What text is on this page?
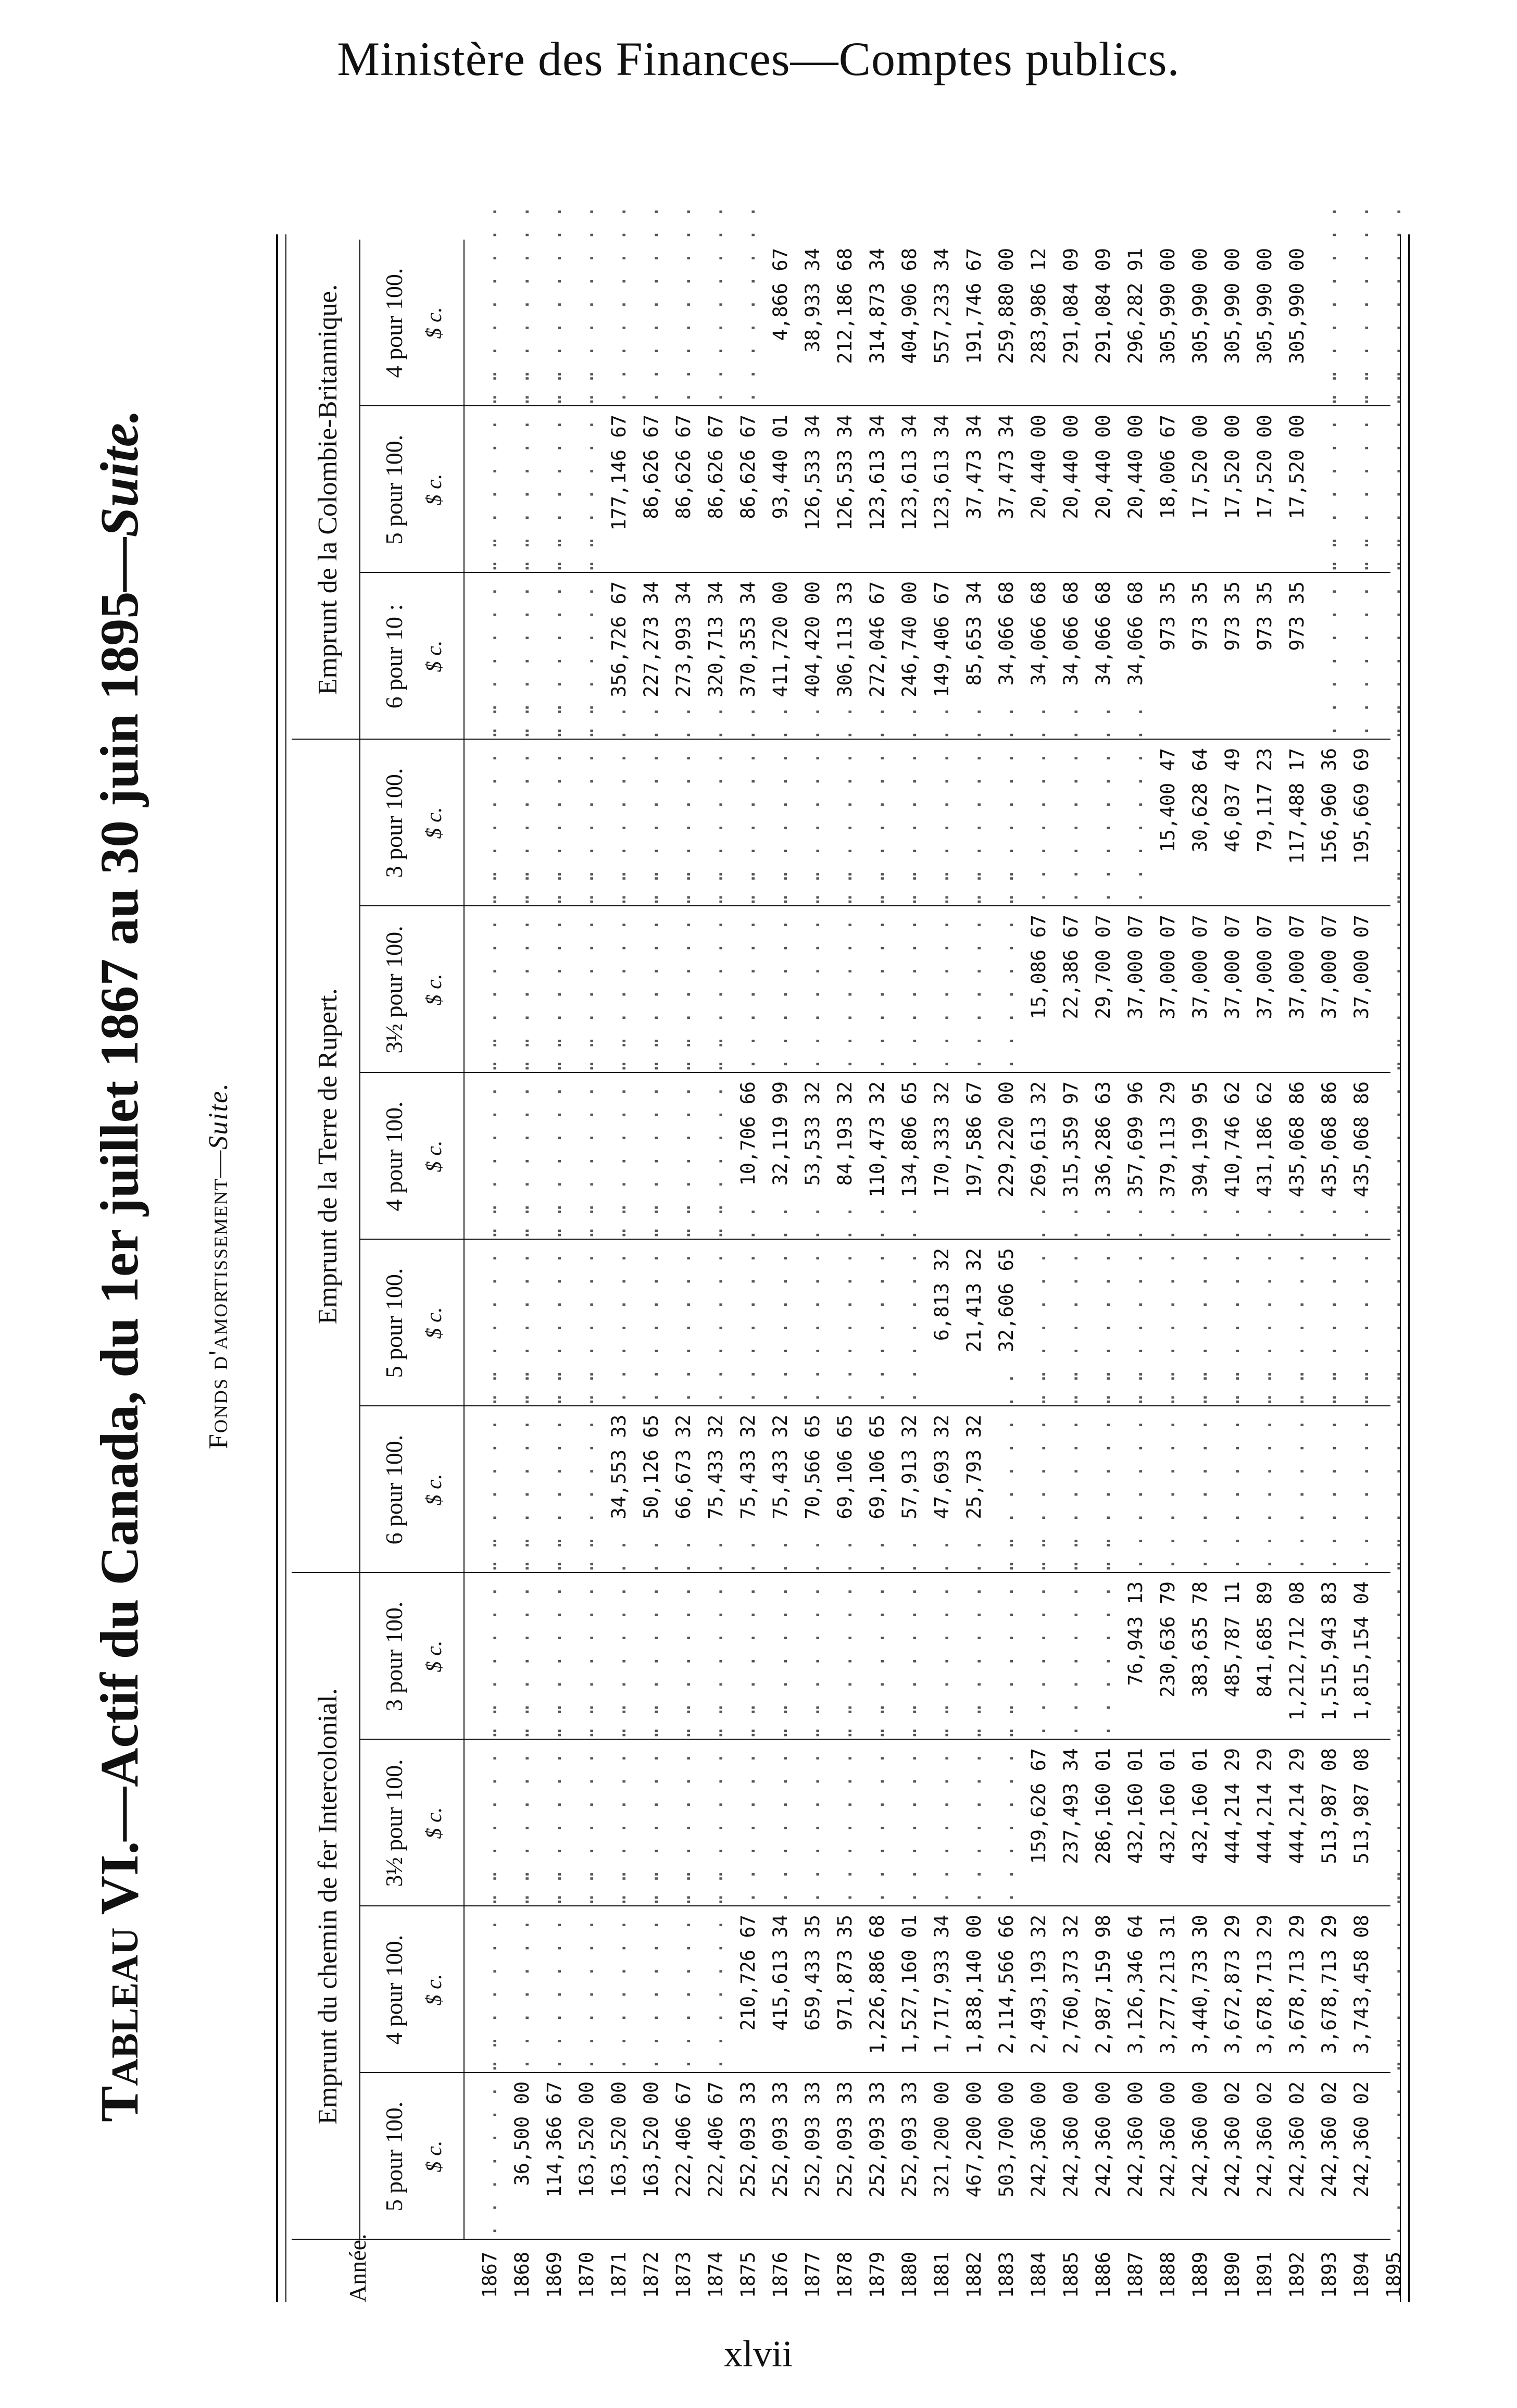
Ministère des Finances—Comptes publics.
Tableau VI.—Actif du Canada, du 1er juillet 1867 au 30 juin 1895—Suite.
Fonds d'amortissement—Suite.
Emprunt du chemin de fer Intercolonial.
Emprunt de la Terre de Rupert.
Emprunt de la Colombie-Britannique.
Année.
5 pour 100. $ c.
4 pour 100. $ c.
3½ pour 100. $ c.
3 pour 100. $ c.
6 pour 100. $ c.
5 pour 100. $ c.
4 pour 100. $ c.
3½ pour 100. $ c.
3 pour 100. $ c.
6 pour 10 : $ c.
5 pour 100. $ c.
4 pour 100. $ c.
1867
. . . . . . . . .
. . . . . . . . .
. . . . . . . . .
. . . . . . . . .
. . . . . . . . .
. . . . . . . . .
. . . . . . . . .
. . . . . . . . .
. . . . . . . . .
. . . . . . . . .
. . . . . . . . .
. . . . . . . . .
1868
36,500 00
. . . . . . . . .
. . . . . . . . .
. . . . . . . . .
. . . . . . . . .
. . . . . . . . .
. . . . . . . . .
. . . . . . . . .
. . . . . . . . .
. . . . . . . . .
. . . . . . . . .
. . . . . . . . .
1869
114,366 67
. . . . . . . . .
. . . . . . . . .
. . . . . . . . .
. . . . . . . . .
. . . . . . . . .
. . . . . . . . .
. . . . . . . . .
. . . . . . . . .
. . . . . . . . .
. . . . . . . . .
. . . . . . . . .
1870
163,520 00
. . . . . . . . .
. . . . . . . . .
. . . . . . . . .
. . . . . . . . .
. . . . . . . . .
. . . . . . . . .
. . . . . . . . .
. . . . . . . . .
. . . . . . . . .
. . . . . . . . .
. . . . . . . . .
1871
163,520 00
. . . . . . . . .
. . . . . . . . .
. . . . . . . . .
34,553 33
. . . . . . . . .
. . . . . . . . .
. . . . . . . . .
. . . . . . . . .
356,726 67
177,146 67
. . . . . . . . .
1872
163,520 00
. . . . . . . . .
. . . . . . . . .
. . . . . . . . .
50,126 65
. . . . . . . . .
. . . . . . . . .
. . . . . . . . .
. . . . . . . . .
227,273 34
86,626 67
. . . . . . . . .
1873
222,406 67
. . . . . . . . .
. . . . . . . . .
. . . . . . . . .
66,673 32
. . . . . . . . .
. . . . . . . . .
. . . . . . . . .
. . . . . . . . .
273,993 34
86,626 67
. . . . . . . . .
1874
222,406 67
. . . . . . . . .
. . . . . . . . .
. . . . . . . . .
75,433 32
. . . . . . . . .
. . . . . . . . .
. . . . . . . . .
. . . . . . . . .
320,713 34
86,626 67
. . . . . . . . .
1875
252,093 33
210,726 67
. . . . . . . . .
. . . . . . . . .
75,433 32
. . . . . . . . .
10,706 66
. . . . . . . . .
. . . . . . . . .
370,353 34
86,626 67
. . . . . . . . .
1876
252,093 33
415,613 34
. . . . . . . . .
. . . . . . . . .
75,433 32
. . . . . . . . .
32,119 99
. . . . . . . . .
. . . . . . . . .
411,720 00
93,440 01
4,866 67
1877
252,093 33
659,433 35
. . . . . . . . .
. . . . . . . . .
70,566 65
. . . . . . . . .
53,533 32
. . . . . . . . .
. . . . . . . . .
404,420 00
126,533 34
38,933 34
1878
252,093 33
971,873 35
. . . . . . . . .
. . . . . . . . .
69,106 65
. . . . . . . . .
84,193 32
. . . . . . . . .
. . . . . . . . .
306,113 33
126,533 34
212,186 68
1879
252,093 33
1,226,886 68
. . . . . . . . .
. . . . . . . . .
69,106 65
. . . . . . . . .
110,473 32
. . . . . . . . .
. . . . . . . . .
272,046 67
123,613 34
314,873 34
1880
252,093 33
1,527,160 01
. . . . . . . . .
. . . . . . . . .
57,913 32
. . . . . . . . .
134,806 65
. . . . . . . . .
. . . . . . . . .
246,740 00
123,613 34
404,906 68
1881
321,200 00
1,717,933 34
. . . . . . . . .
. . . . . . . . .
47,693 32
6,813 32
170,333 32
. . . . . . . . .
. . . . . . . . .
149,406 67
123,613 34
557,233 34
1882
467,200 00
1,838,140 00
. . . . . . . . .
. . . . . . . . .
25,793 32
21,413 32
197,586 67
. . . . . . . . .
. . . . . . . . .
85,653 34
37,473 34
191,746 67
1883
503,700 00
2,114,566 66
. . . . . . . . .
. . . . . . . . .
. . . . . . . . .
32,606 65
229,220 00
. . . . . . . . .
. . . . . . . . .
34,066 68
37,473 34
259,880 00
1884
242,360 00
2,493,193 32
159,626 67
. . . . . . . . .
. . . . . . . . .
. . . . . . . . .
269,613 32
15,086 67
. . . . . . . . .
34,066 68
20,440 00
283,986 12
1885
242,360 00
2,760,373 32
237,493 34
. . . . . . . . .
. . . . . . . . .
. . . . . . . . .
315,359 97
22,386 67
. . . . . . . . .
34,066 68
20,440 00
291,084 09
1886
242,360 00
2,987,159 98
286,160 01
. . . . . . . . .
. . . . . . . . .
. . . . . . . . .
336,286 63
29,700 07
. . . . . . . . .
34,066 68
20,440 00
291,084 09
1887
242,360 00
3,126,346 64
432,160 01
76,943 13
. . . . . . . . .
. . . . . . . . .
357,699 96
37,000 07
. . . . . . . . .
34,066 68
20,440 00
296,282 91
1888
242,360 00
3,277,213 31
432,160 01
230,636 79
. . . . . . . . .
. . . . . . . . .
379,113 29
37,000 07
15,400 47
973 35
18,006 67
305,990 00
1889
242,360 00
3,440,733 30
432,160 01
383,635 78
. . . . . . . . .
. . . . . . . . .
394,199 95
37,000 07
30,628 64
973 35
17,520 00
305,990 00
1890
242,360 02
3,672,873 29
444,214 29
485,787 11
. . . . . . . . .
. . . . . . . . .
410,746 62
37,000 07
46,037 49
973 35
17,520 00
305,990 00
1891
242,360 02
3,678,713 29
444,214 29
841,685 89
. . . . . . . . .
. . . . . . . . .
431,186 62
37,000 07
79,117 23
973 35
17,520 00
305,990 00
1892
242,360 02
3,678,713 29
444,214 29
1,212,712 08
. . . . . . . . .
. . . . . . . . .
435,068 86
37,000 07
117,488 17
973 35
17,520 00
305,990 00
1893
242,360 02
3,678,713 29
513,987 08
1,515,943 83
. . . . . . . . .
. . . . . . . . .
435,068 86
37,000 07
156,960 36
. . . . . . . . .
. . . . . . . . .
. . . . . . . . .
1894
242,360 02
3,743,458 08
513,987 08
1,815,154 04
. . . . . . . . .
. . . . . . . . .
435,068 86
37,000 07
195,669 69
. . . . . . . . .
. . . . . . . . .
. . . . . . . . .
1895
. . . . . . . . .
. . . . . . . . .
. . . . . . . . .
. . . . . . . . .
. . . . . . . . .
. . . . . . . . .
. . . . . . . . .
. . . . . . . . .
. . . . . . . . .
. . . . . . . . .
. . . . . . . . .
. . . . . . . . .
xlvii
